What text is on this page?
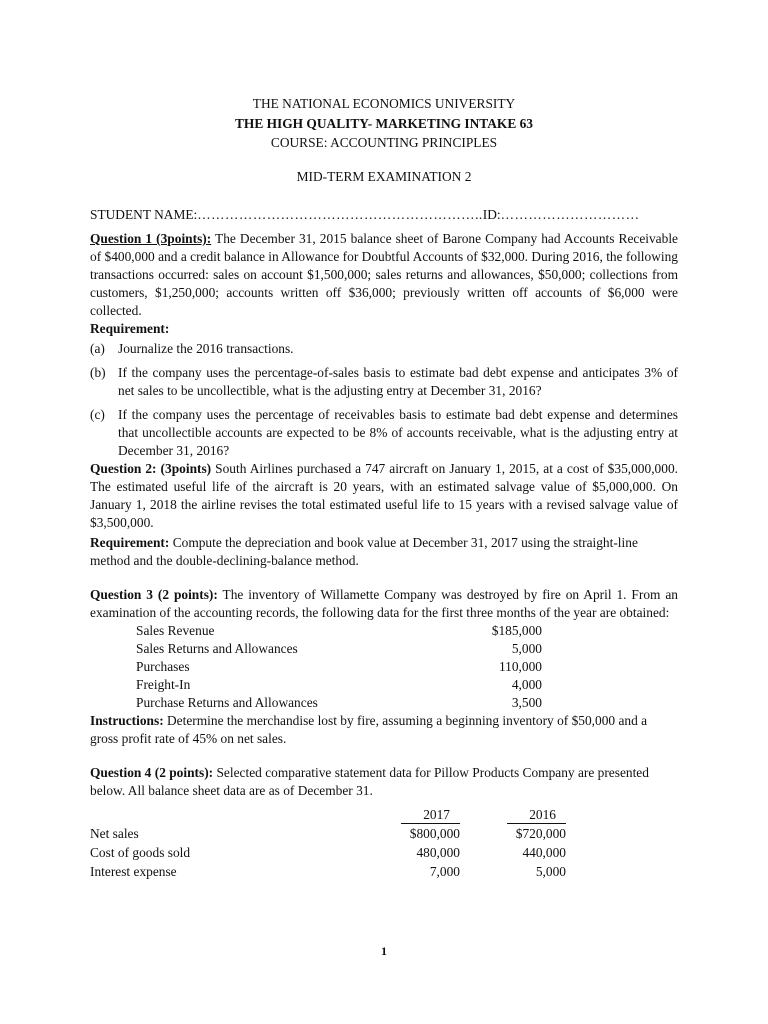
THE NATIONAL ECONOMICS UNIVERSITY
THE HIGH QUALITY- MARKETING INTAKE 63
COURSE: ACCOUNTING PRINCIPLES
MID-TERM EXAMINATION 2
STUDENT NAME: …………………………………………………….. ID: …………………………
Question 1 (3points): The December 31, 2015 balance sheet of Barone Company had Accounts Receivable of $400,000 and a credit balance in Allowance for Doubtful Accounts of $32,000. During 2016, the following transactions occurred: sales on account $1,500,000; sales returns and allowances, $50,000; collections from customers, $1,250,000; accounts written off $36,000; previously written off accounts of $6,000 were collected.
Requirement:
(a) Journalize the 2016 transactions.
(b) If the company uses the percentage-of-sales basis to estimate bad debt expense and anticipates 3% of net sales to be uncollectible, what is the adjusting entry at December 31, 2016?
(c) If the company uses the percentage of receivables basis to estimate bad debt expense and determines that uncollectible accounts are expected to be 8% of accounts receivable, what is the adjusting entry at December 31, 2016?
Question 2: (3points) South Airlines purchased a 747 aircraft on January 1, 2015, at a cost of $35,000,000. The estimated useful life of the aircraft is 20 years, with an estimated salvage value of $5,000,000. On January 1, 2018 the airline revises the total estimated useful life to 15 years with a revised salvage value of $3,500,000.
Requirement: Compute the depreciation and book value at December 31, 2017 using the straight-line method and the double-declining-balance method.
Question 3 (2 points): The inventory of Willamette Company was destroyed by fire on April 1. From an examination of the accounting records, the following data for the first three months of the year are obtained:
Sales Revenue	$185,000
Sales Returns and Allowances	5,000
Purchases	110,000
Freight-In	4,000
Purchase Returns and Allowances	3,500
Instructions: Determine the merchandise lost by fire, assuming a beginning inventory of $50,000 and a gross profit rate of 45% on net sales.
Question 4 (2 points): Selected comparative statement data for Pillow Products Company are presented below. All balance sheet data are as of December 31.
2017	2016
Net sales	$800,000	$720,000
Cost of goods sold	480,000	440,000
Interest expense	7,000	5,000
1
